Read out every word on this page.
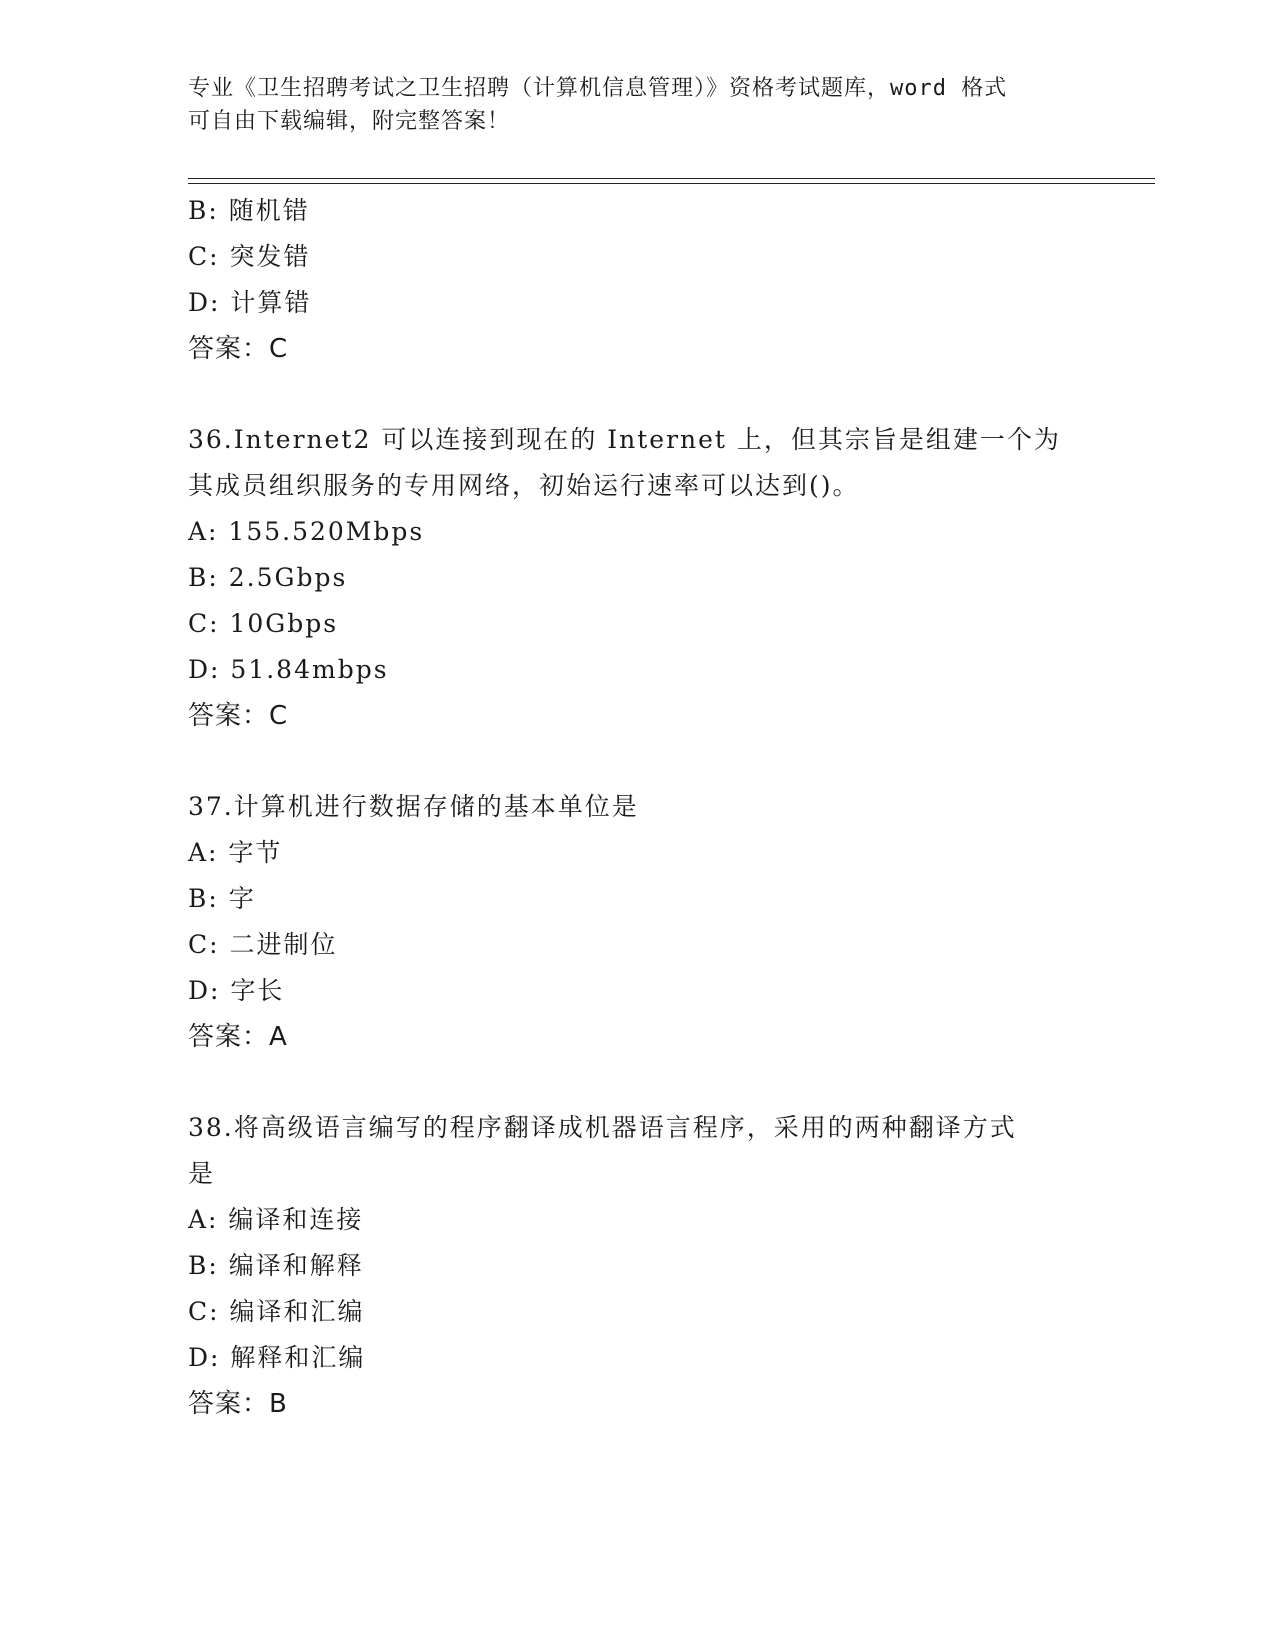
专业《卫生招聘考试之卫生招聘（计算机信息管理）》资格考试题库，word 格式
可自由下载编辑，附完整答案！
B: 随机错
C: 突发错
D: 计算错
答案：C
36.Internet2 可以连接到现在的 Internet 上，但其宗旨是组建一个为
其成员组织服务的专用网络，初始运行速率可以达到()。
A: 155.520Mbps
B: 2.5Gbps
C: 10Gbps
D: 51.84mbps
答案：C
37.计算机进行数据存储的基本单位是
A: 字节
B: 字
C: 二进制位
D: 字长
答案：A
38.将高级语言编写的程序翻译成机器语言程序，采用的两种翻译方式
是
A: 编译和连接
B: 编译和解释
C: 编译和汇编
D: 解释和汇编
答案：B
